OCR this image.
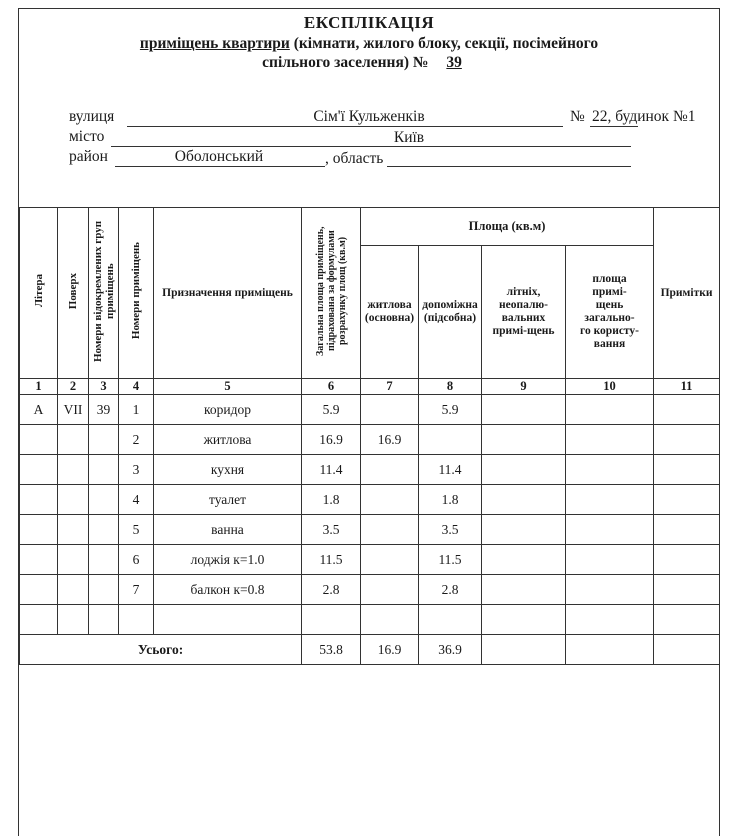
ЕКСПЛІКАЦІЯ
приміщень квартири (кімнати, жилого блоку, секції, посімейного
спільного заселення) № 39
вулиця	Сім'ї Кульженків	№ 22, будинок №1
місто	Київ
район	Оболонський	, область
Літера	Поверх	Номери відокремлених груп приміщень	Номери приміщень	Призначення приміщень	Загальна площа приміщень, підрахована за формулами розрахунку площ (кв.м)	Площа (кв.м)				Примітки
						житлова (основна)	допоміжна (підсобна)	літніх, неопалю-вальних примі-щень	площа примі-щень загально-го користу-вання	
1	2	3	4	5	6	7	8	9	10	11
А	VII	39	1	коридор	5.9		5.9			
			2	житлова	16.9	16.9				
			3	кухня	11.4		11.4			
			4	туалет	1.8		1.8			
			5	ванна	3.5		3.5			
			6	лоджія к=1.0	11.5		11.5			
			7	балкон к=0.8	2.8		2.8			

Усього:					53.8	16.9	36.9			
